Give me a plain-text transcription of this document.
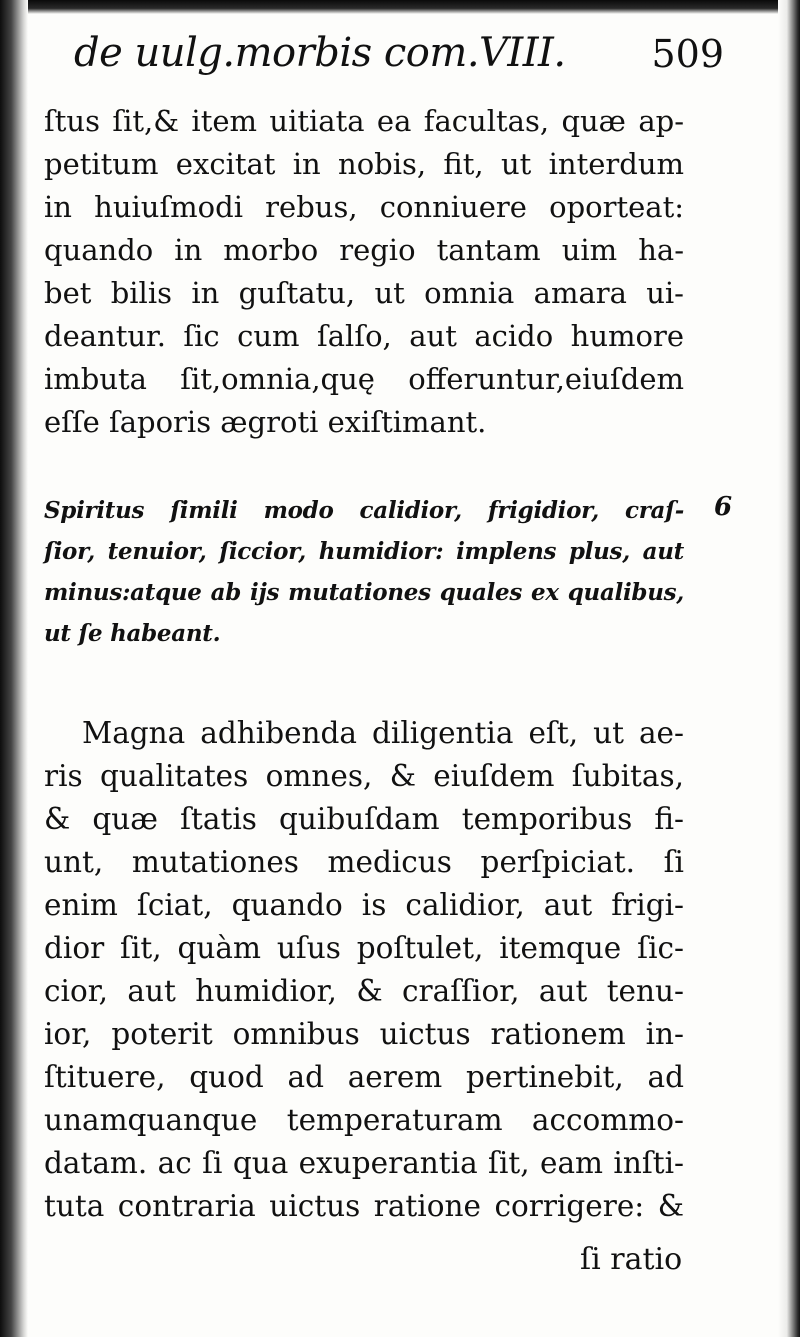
de uulg.morbis com.VIII. 509
ſtus ſit,& item uitiata ea facultas, quæ ap-
petitum excitat in nobis, fit, ut interdum
in huiuſmodi rebus, conniuere oporteat:
quando in morbo regio tantam uim ha-
bet bilis in guſtatu, ut omnia amara ui-
deantur. ſic cum ſalſo, aut acido humore
imbuta ſit,omnia,quę offeruntur,eiuſdem
eſſe ſaporis ægroti exiſtimant.
Spiritus ſimili modo calidior, frigidior, craſ-
ſior, tenuior, ſiccior, humidior: implens plus, aut
minus:atque ab ijs mutationes quales ex qualibus,
ut ſe habeant.
6
Magna adhibenda diligentia eſt, ut ae-
ris qualitates omnes, & eiuſdem ſubitas,
& quæ ſtatis quibuſdam temporibus fi-
unt, mutationes medicus perſpiciat. ſi
enim ſciat, quando is calidior, aut frigi-
dior ſit, quàm uſus poſtulet, itemque ſic-
cior, aut humidior, & craſſior, aut tenu-
ior, poterit omnibus uictus rationem in-
ſtituere, quod ad aerem pertinebit, ad
unamquanque temperaturam accommo-
datam. ac ſi qua exuperantia ſit, eam inſti-
tuta contraria uictus ratione corrigere: &
ſi ratio
